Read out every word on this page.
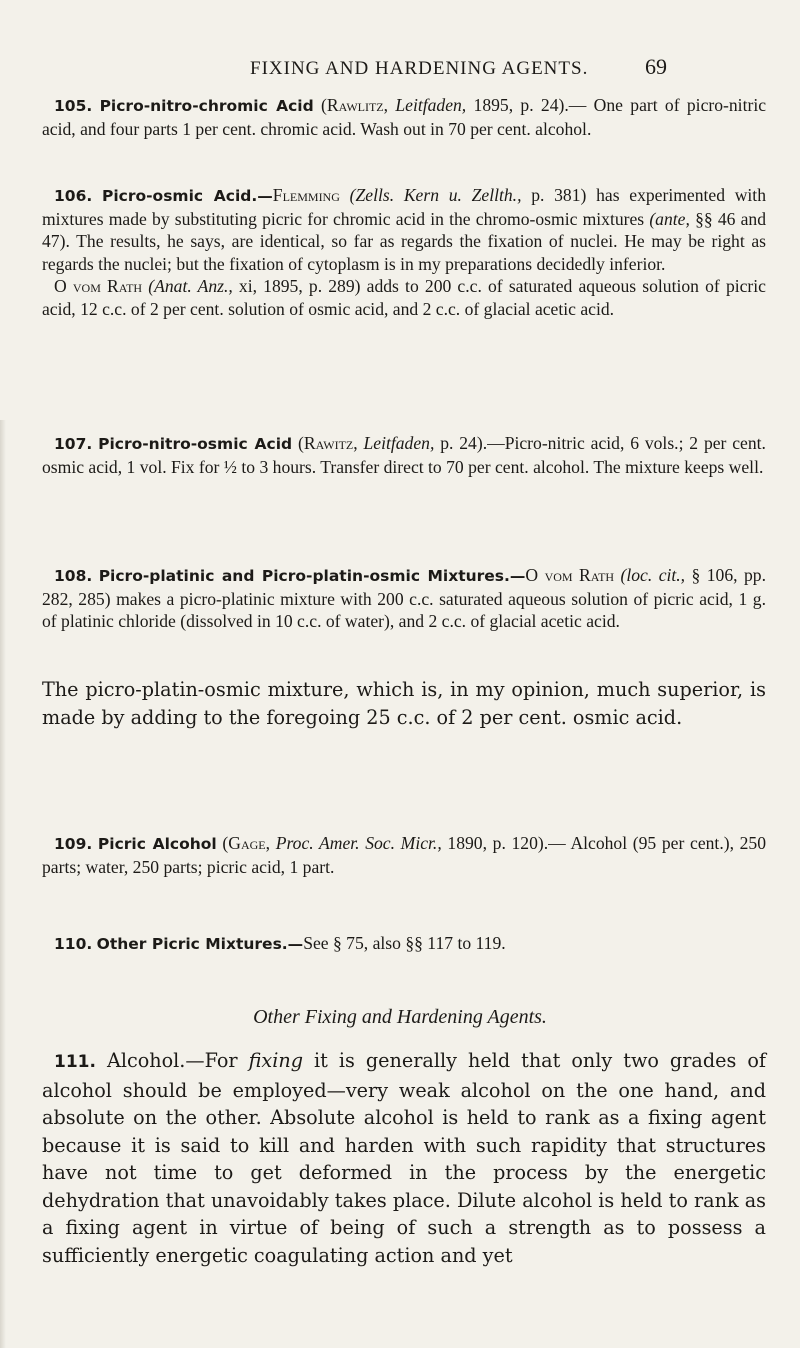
FIXING AND HARDENING AGENTS.	69

105. Picro-nitro-chromic Acid (Rawlitz, Leitfaden, 1895, p. 24).— One part of picro-nitric acid, and four parts 1 per cent. chromic acid. Wash out in 70 per cent. alcohol.

106. Picro-osmic Acid.—Flemming (Zells. Kern u. Zellth., p. 381) has experimented with mixtures made by substituting picric for chromic acid in the chromo-osmic mixtures (ante, §§ 46 and 47). The results, he says, are identical, so far as regards the fixation of nuclei. He may be right as regards the nuclei; but the fixation of cytoplasm is in my preparations decidedly inferior.

O vom Rath (Anat. Anz., xi, 1895, p. 289) adds to 200 c.c. of saturated aqueous solution of picric acid, 12 c.c. of 2 per cent. solution of osmic acid, and 2 c.c. of glacial acetic acid.

107. Picro-nitro-osmic Acid (Rawitz, Leitfaden, p. 24).—Picro-nitric acid, 6 vols.; 2 per cent. osmic acid, 1 vol. Fix for ½ to 3 hours. Transfer direct to 70 per cent. alcohol. The mixture keeps well.

108. Picro-platinic and Picro-platin-osmic Mixtures.—O vom Rath (loc. cit., § 106, pp. 282, 285) makes a picro-platinic mixture with 200 c.c. saturated aqueous solution of picric acid, 1 g. of platinic chloride (dissolved in 10 c.c. of water), and 2 c.c. of glacial acetic acid.

The picro-platin-osmic mixture, which is, in my opinion, much superior, is made by adding to the foregoing 25 c.c. of 2 per cent. osmic acid.

109. Picric Alcohol (Gage, Proc. Amer. Soc. Micr., 1890, p. 120).— Alcohol (95 per cent.), 250 parts; water, 250 parts; picric acid, 1 part.

110. Other Picric Mixtures.—See § 75, also §§ 117 to 119.

Other Fixing and Hardening Agents.

111. Alcohol.—For fixing it is generally held that only two grades of alcohol should be employed—very weak alcohol on the one hand, and absolute on the other. Absolute alcohol is held to rank as a fixing agent because it is said to kill and harden with such rapidity that structures have not time to get deformed in the process by the energetic dehydration that unavoidably takes place. Dilute alcohol is held to rank as a fixing agent in virtue of being of such a strength as to possess a sufficiently energetic coagulating action and yet
